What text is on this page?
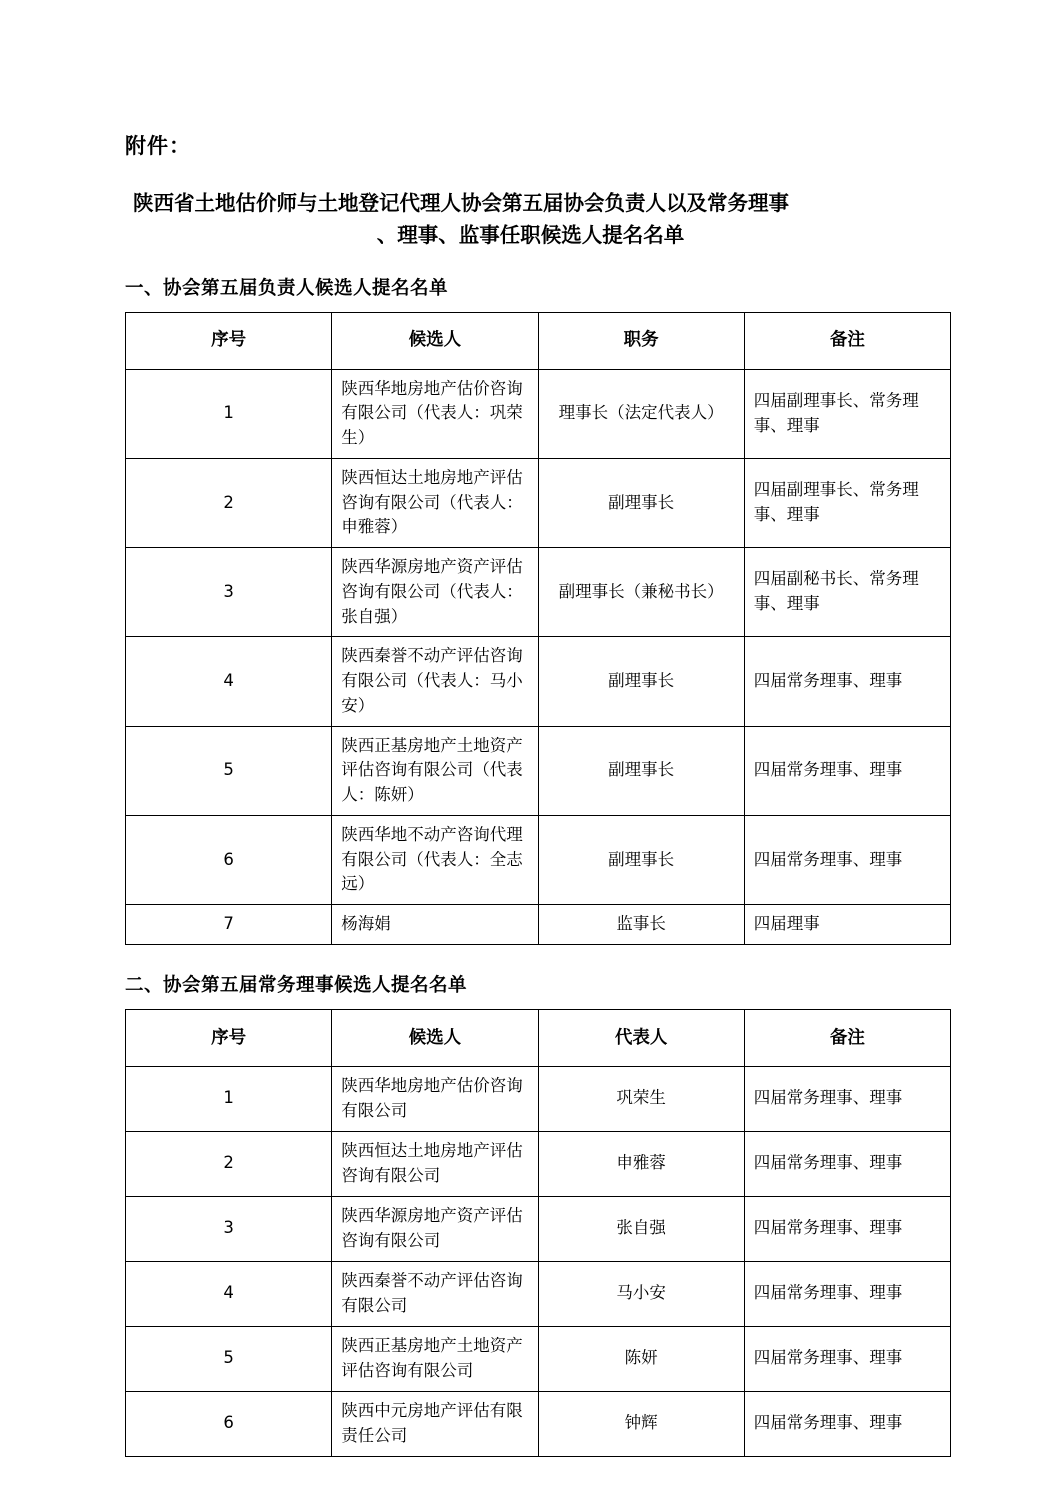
附件：
陕西省土地估价师与土地登记代理人协会第五届协会负责人以及常务理事
、理事、监事任职候选人提名名单
一、协会第五届负责人候选人提名名单
序号	候选人	职务	备注
1	陕西华地房地产估价咨询有限公司（代表人：巩荣生）	理事长（法定代表人）	四届副理事长、常务理事、理事
2	陕西恒达土地房地产评估咨询有限公司（代表人：申雅蓉）	副理事长	四届副理事长、常务理事、理事
3	陕西华源房地产资产评估咨询有限公司（代表人：张自强）	副理事长（兼秘书长）	四届副秘书长、常务理事、理事
4	陕西秦誉不动产评估咨询有限公司（代表人：马小安）	副理事长	四届常务理事、理事
5	陕西正基房地产土地资产评估咨询有限公司（代表人：陈妍）	副理事长	四届常务理事、理事
6	陕西华地不动产咨询代理有限公司（代表人：全志远）	副理事长	四届常务理事、理事
7	杨海娟	监事长	四届理事
二、协会第五届常务理事候选人提名名单
序号	候选人	代表人	备注
1	陕西华地房地产估价咨询有限公司	巩荣生	四届常务理事、理事
2	陕西恒达土地房地产评估咨询有限公司	申雅蓉	四届常务理事、理事
3	陕西华源房地产资产评估咨询有限公司	张自强	四届常务理事、理事
4	陕西秦誉不动产评估咨询有限公司	马小安	四届常务理事、理事
5	陕西正基房地产土地资产评估咨询有限公司	陈妍	四届常务理事、理事
6	陕西中元房地产评估有限责任公司	钟辉	四届常务理事、理事
